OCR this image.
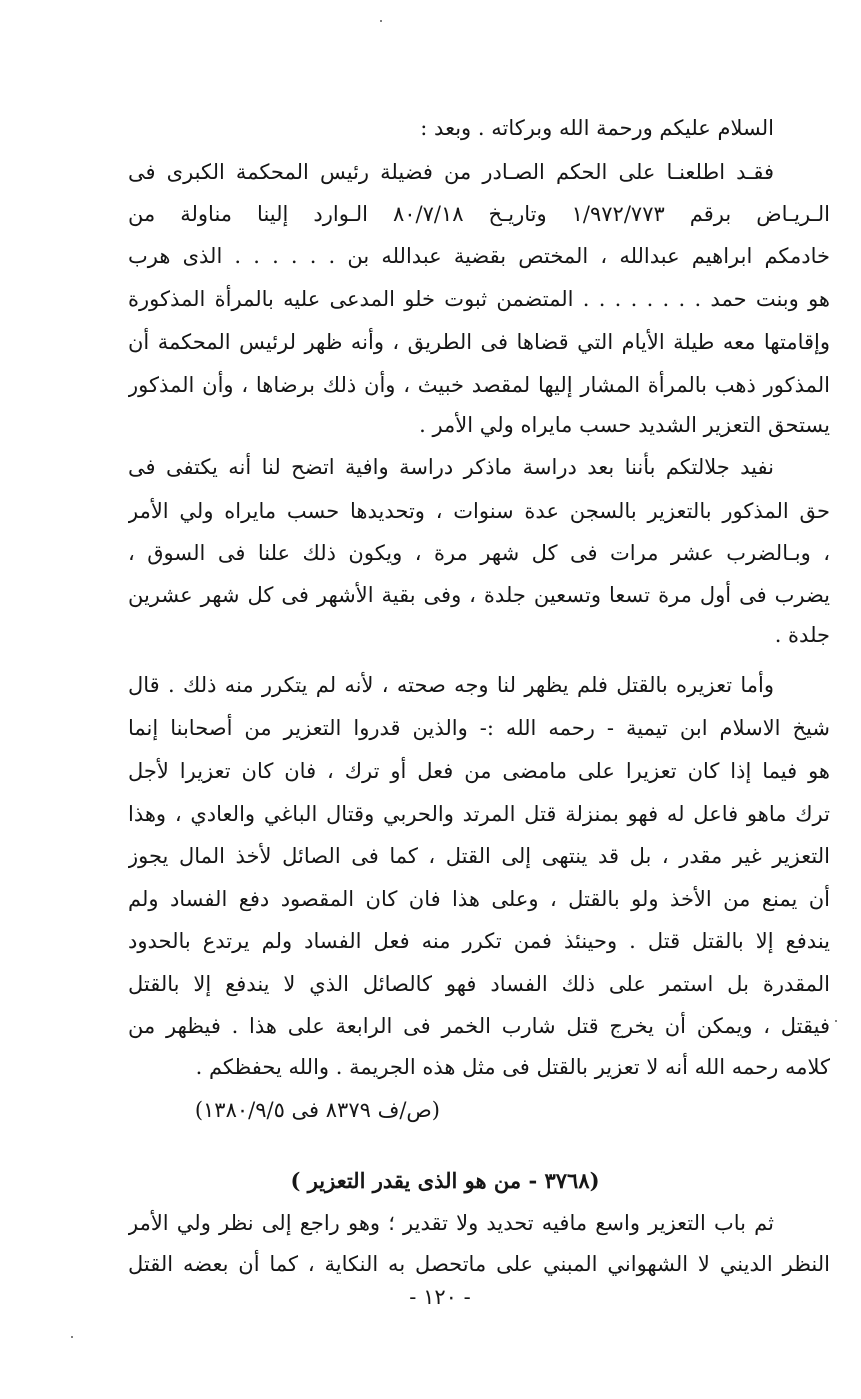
السلام عليكم ورحمة الله وبركاته . وبعد :
فقـد اطلعنـا على الحكم الصـادر من فضيلة رئيس المحكمة الكبرى فى
الـريـاض برقم ١/٩٧٢/٧٧٣ وتاريـخ ٨٠/٧/١٨ الـوارد إلينا مناولة من
خادمكم ابراهيم عبدالله ، المختص بقضية عبدالله بن . . . . . . الذى هرب
هو وبنت حمد . . . . . . . . المتضمن ثبوت خلو المدعى عليه بالمرأة المذكورة
وإقامتها معه طيلة الأيام التي قضاها فى الطريق ، وأنه ظهر لرئيس المحكمة أن
المذكور ذهب بالمرأة المشار إليها لمقصد خبيث ، وأن ذلك برضاها ، وأن المذكور
يستحق التعزير الشديد حسب مايراه ولي الأمر .
نفيد جلالتكم بأننا بعد دراسة ماذكر دراسة وافية اتضح لنا أنه يكتفى فى
حق المذكور بالتعزير بالسجن عدة سنوات ، وتحديدها حسب مايراه ولي الأمر
، وبـالضرب عشر مرات فى كل شهر مرة ، ويكون ذلك علنا فى السوق ،
يضرب فى أول مرة تسعا وتسعين جلدة ، وفى بقية الأشهر فى كل شهر عشرين
جلدة .
وأما تعزيره بالقتل فلم يظهر لنا وجه صحته ، لأنه لم يتكرر منه ذلك . قال
شيخ الاسلام ابن تيمية - رحمه الله :- والذين قدروا التعزير من أصحابنا إنما
هو فيما إذا كان تعزيرا على مامضى من فعل أو ترك ، فان كان تعزيرا لأجل
ترك ماهو فاعل له فهو بمنزلة قتل المرتد والحربي وقتال الباغي والعادي ، وهذا
التعزير غير مقدر ، بل قد ينتهى إلى القتل ، كما فى الصائل لأخذ المال يجوز
أن يمنع من الأخذ ولو بالقتل ، وعلى هذا فان كان المقصود دفع الفساد ولم
يندفع إلا بالقتل قتل . وحينئذ فمن تكرر منه فعل الفساد ولم يرتدع بالحدود
المقدرة بل استمر على ذلك الفساد فهو كالصائل الذي لا يندفع إلا بالقتل
فيقتل ، ويمكن أن يخرج قتل شارب الخمر فى الرابعة على هذا . فيظهر من
كلامه رحمه الله أنه لا تعزير بالقتل فى مثل هذه الجريمة . والله يحفظكم .
(ص/ف ٨٣٧٩ فى ١٣٨٠/٩/٥)
(٣٧٦٨ - من هو الذى يقدر التعزير )
ثم باب التعزير واسع مافيه تحديد ولا تقدير ؛ وهو راجع إلى نظر ولي الأمر
النظر الديني لا الشهواني المبني على ماتحصل به النكاية ، كما أن بعضه القتل
- ١٢٠ -
